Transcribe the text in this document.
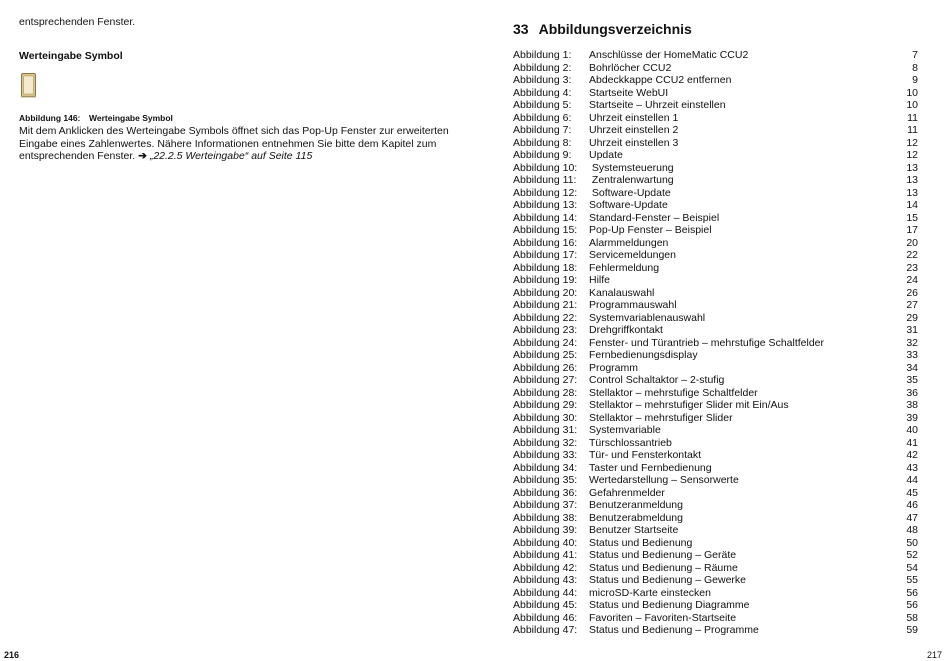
entsprechenden Fenster.
Werteingabe Symbol
Abbildung 146: Werteingabe Symbol
Mit dem Anklicken des Werteingabe Symbols öffnet sich das Pop-Up Fenster zur erweiterten Eingabe eines Zahlenwertes. Nähere Informationen entnehmen Sie bitte dem Kapitel zum entsprechenden Fenster. ➔ „22.2.5 Werteingabe“ auf Seite 115
216
33 Abbildungsverzeichnis
Abbildung 1:	Anschlüsse der HomeMatic CCU2	7
Abbildung 2:	Bohrlöcher CCU2	8
Abbildung 3:	Abdeckkappe CCU2 entfernen	9
Abbildung 4:	Startseite WebUI	10
Abbildung 5:	Startseite – Uhrzeit einstellen	10
Abbildung 6:	Uhrzeit einstellen 1	11
Abbildung 7:	Uhrzeit einstellen 2	11
Abbildung 8:	Uhrzeit einstellen 3	12
Abbildung 9:	Update	12
Abbildung 10:	Systemsteuerung	13
Abbildung 11:	Zentralenwartung	13
Abbildung 12:	Software-Update	13
Abbildung 13:	Software-Update	14
Abbildung 14:	Standard-Fenster – Beispiel	15
Abbildung 15:	Pop-Up Fenster – Beispiel	17
Abbildung 16:	Alarmmeldungen	20
Abbildung 17:	Servicemeldungen	22
Abbildung 18:	Fehlermeldung	23
Abbildung 19:	Hilfe	24
Abbildung 20:	Kanalauswahl	26
Abbildung 21:	Programmauswahl	27
Abbildung 22:	Systemvariablenauswahl	29
Abbildung 23:	Drehgriffkontakt	31
Abbildung 24:	Fenster- und Türantrieb – mehrstufige Schaltfelder	32
Abbildung 25:	Fernbedienungsdisplay	33
Abbildung 26:	Programm	34
Abbildung 27:	Control Schaltaktor – 2-stufig	35
Abbildung 28:	Stellaktor – mehrstufige Schaltfelder	36
Abbildung 29:	Stellaktor – mehrstufiger Slider mit Ein/Aus	38
Abbildung 30:	Stellaktor – mehrstufiger Slider	39
Abbildung 31:	Systemvariable	40
Abbildung 32:	Türschlossantrieb	41
Abbildung 33:	Tür- und Fensterkontakt	42
Abbildung 34:	Taster und Fernbedienung	43
Abbildung 35:	Wertedarstellung – Sensorwerte	44
Abbildung 36:	Gefahrenmelder	45
Abbildung 37:	Benutzeranmeldung	46
Abbildung 38:	Benutzerabmeldung	47
Abbildung 39:	Benutzer Startseite	48
Abbildung 40:	Status und Bedienung	50
Abbildung 41:	Status und Bedienung – Geräte	52
Abbildung 42:	Status und Bedienung – Räume	54
Abbildung 43:	Status und Bedienung – Gewerke	55
Abbildung 44:	microSD-Karte einstecken	56
Abbildung 45:	Status und Bedienung Diagramme	56
Abbildung 46:	Favoriten – Favoriten-Startseite	58
Abbildung 47:	Status und Bedienung – Programme	59
217
